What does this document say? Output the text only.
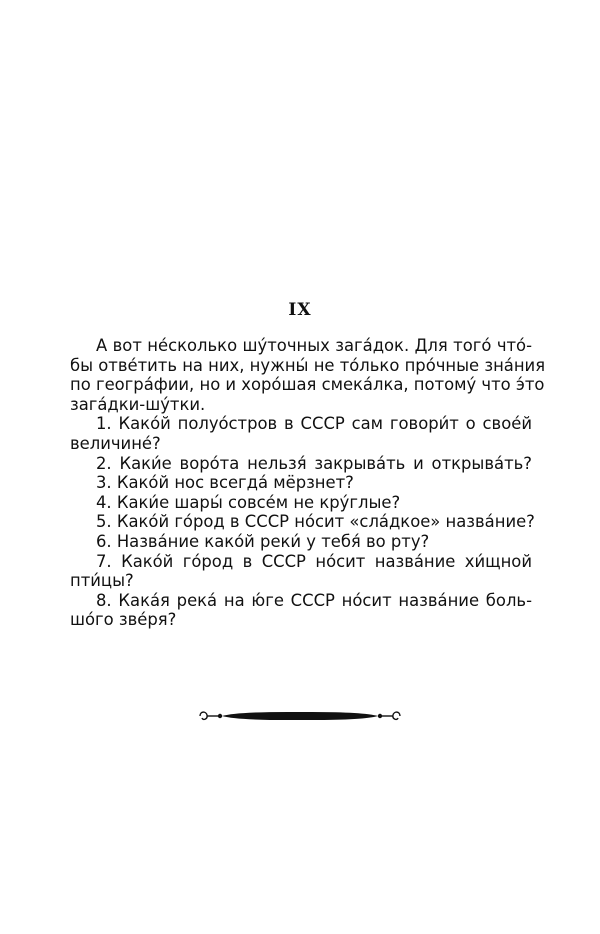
IX
А вот не́сколько шу́точных зага́док. Для того́ что́-
бы отве́тить на них, нужны́ не то́лько про́чные зна́ния
по геогра́фии, но и хоро́шая смека́лка, потому́ что э́то
зага́дки-шу́тки.
1. Како́й полуо́стров в СССР сам говори́т о свое́й
величине́?
2. Каки́е воро́та нельзя́ закрыва́ть и открыва́ть?
3. Како́й нос всегда́ мёрзнет?
4. Каки́е шары́ совсе́м не кру́глые?
5. Како́й го́род в СССР но́сит «сла́дкое» назва́ние?
6. Назва́ние како́й реки́ у тебя́ во рту?
7. Како́й го́род в СССР но́сит назва́ние хи́щной
пти́цы?
8. Кака́я река́ на ю́ге СССР но́сит назва́ние боль-
шо́го зве́ря?
